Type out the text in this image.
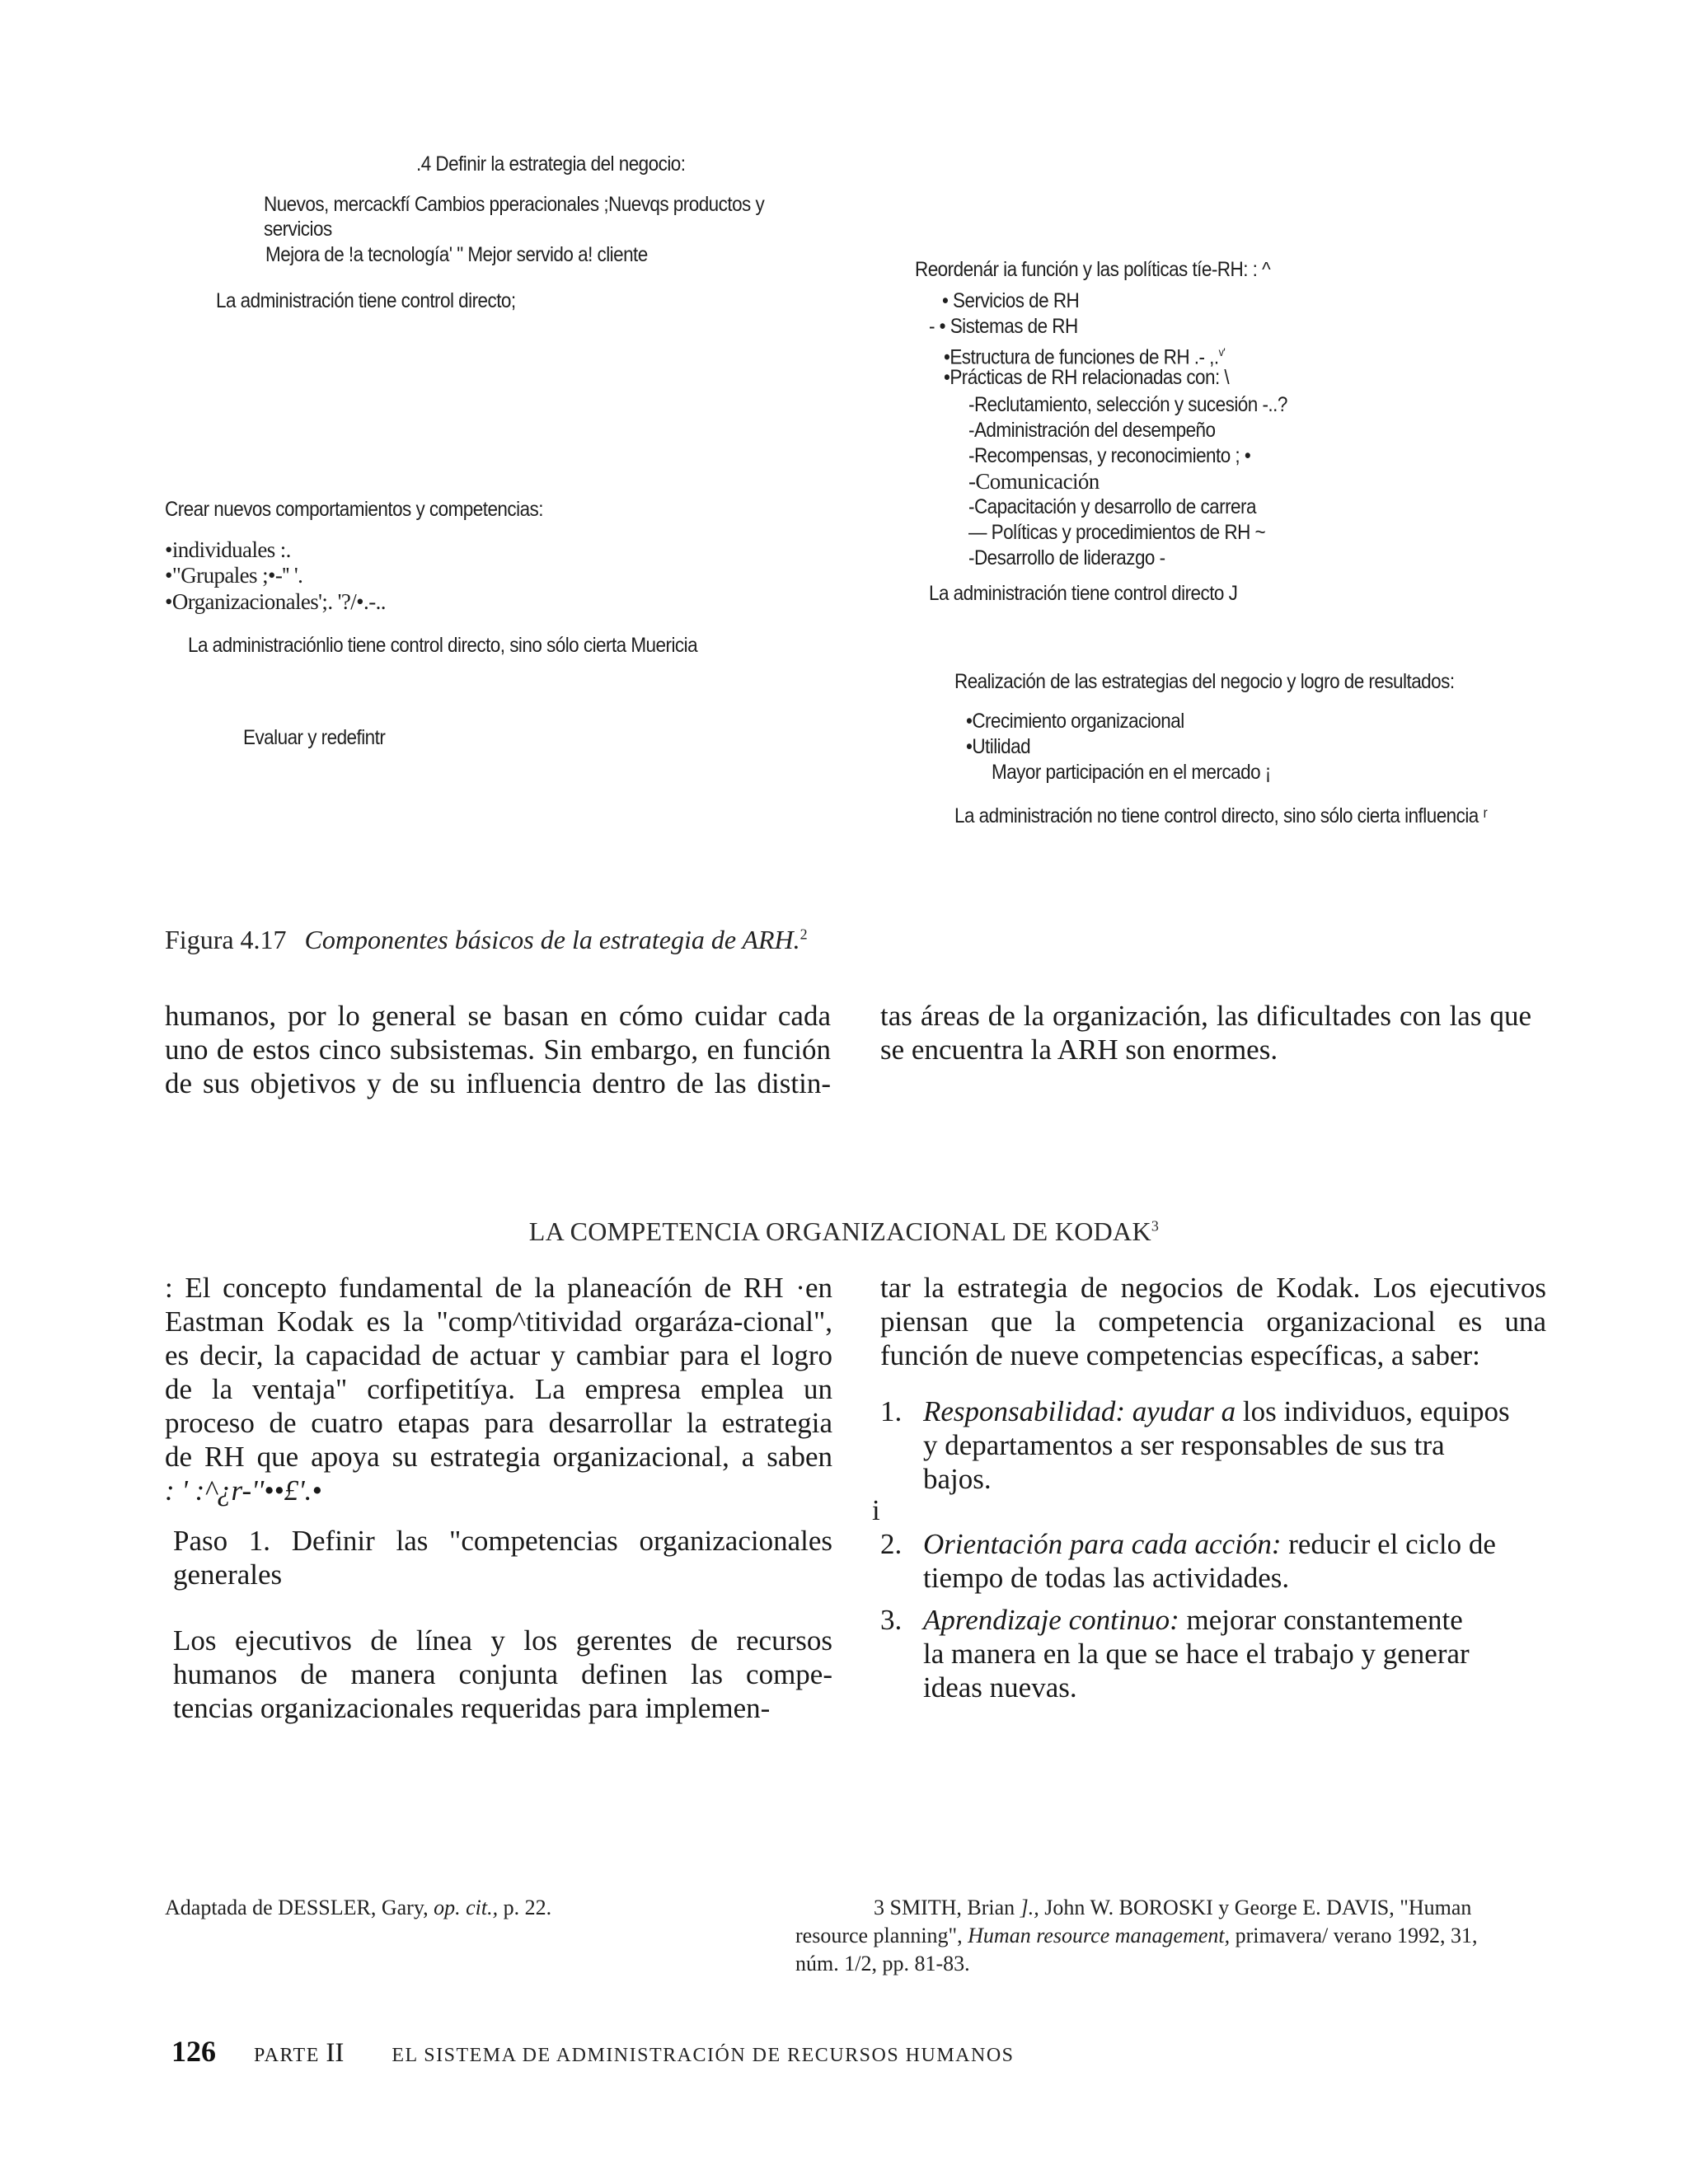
.4 Definir la estrategia del negocio:
Nuevos, mercackfí Cambios pperacionales ;Nuevqs productos y
servicios
Mejora de !a tecnología' " Mejor servido a! cliente
La administración tiene control directo;
Crear nuevos comportamientos y competencias:
•individuales :.
•"Grupales ;•-'' '.
•Organizacionales';. '?/•.-..
La administraciónlio tiene control directo, sino sólo cierta Muericia
Evaluar y redefintr
Reordenár ia función y las políticas tíe-RH: : ^
• Servicios de RH
- • Sistemas de RH
•Estructura de funciones de RH .- ,.$^{v'}$
•Prácticas de RH relacionadas con: \
-Reclutamiento, selección y sucesión -..?
-Administración del desempeño
-Recompensas, y reconocimiento ; •
-Comunicación
-Capacitación y desarrollo de carrera
— Políticas y procedimientos de RH ~
-Desarrollo de liderazgo -
La administración tiene control directo J
Realización de las estrategias del negocio y logro de resultados:
•Crecimiento organizacional
•Utilidad
Mayor participación en el mercado ¡
La administración no tiene control directo, sino sólo cierta influencia ʳ
Figura 4.17 Componentes básicos de la estrategia de ARH.$^2$
humanos, por lo general se basan en cómo cuidar cada
uno de estos cinco subsistemas. Sin embargo, en función
de sus objetivos y de su influencia dentro de las distin-
tas áreas de la organización, las dificultades con las que
se encuentra la ARH son enormes.
LA COMPETENCIA ORGANIZACIONAL DE KODAK$^3$
: El concepto fundamental de la planeacíón de RH ·en
Eastman Kodak es la "comp^titividad orgaráza-cional",
es decir, la capacidad de actuar y cambiar para el logro
de la ventaja" corfipetitíya. La empresa emplea un
proceso de cuatro etapas para desarrollar la estrategia
de RH que apoya su estrategia organizacional, a saben
: ' :^¿r-''••£'.•
Paso 1. Definir las "competencias organizacionales
generales
Los ejecutivos de línea y los gerentes de recursos
humanos de manera conjunta definen las compe-
tencias organizacionales requeridas para implemen-
tar la estrategia de negocios de Kodak. Los ejecutivos
piensan que la competencia organizacional es una
función de nueve competencias específicas, a saber:
1. Responsabilidad: ayudar a los individuos, equipos
y departamentos a ser responsables de sus tra
bajos.
i
2. Orientación para cada acción: reducir el ciclo de
tiempo de todas las actividades.
3. Aprendizaje continuo: mejorar constantemente
la manera en la que se hace el trabajo y generar
ideas nuevas.
Adaptada de DESSLER, Gary, op. cit., p. 22.	3 SMITH, Brian ]., John W. BOROSKI y George E. DAVIS, "Human
resource planning", Human resource management, primavera/ verano 1992, 31,
núm. 1/2, pp. 81-83.
126 PARTE II EL SISTEMA DE ADMINISTRACIÓN DE RECURSOS HUMANOS
